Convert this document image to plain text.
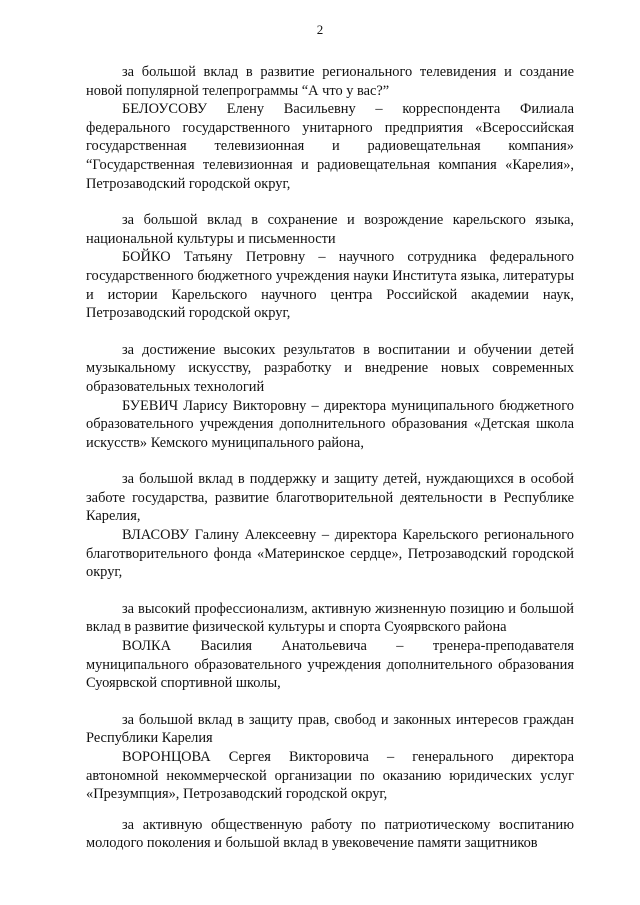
2

за большой вклад в развитие регионального телевидения и создание новой популярной телепрограммы “А что у вас?”

БЕЛОУСОВУ Елену Васильевну – корреспондента Филиала федерального государственного унитарного предприятия «Всероссийская государственная телевизионная и радиовещательная компания» “Государственная телевизионная и радиовещательная компания «Карелия», Петрозаводский городской округ,

за большой вклад в сохранение и возрождение карельского языка, национальной культуры и письменности

БОЙКО Татьяну Петровну – научного сотрудника федерального государственного бюджетного учреждения науки Института языка, литературы и истории Карельского научного центра Российской академии наук, Петрозаводский городской округ,

за достижение высоких результатов в воспитании и обучении детей музыкальному искусству, разработку и внедрение новых современных образовательных технологий

БУЕВИЧ Ларису Викторовну – директора муниципального бюджетного образовательного учреждения дополнительного образования «Детская школа искусств» Кемского муниципального района,

за большой вклад в поддержку и защиту детей, нуждающихся в особой заботе государства, развитие благотворительной деятельности в Республике Карелия,

ВЛАСОВУ Галину Алексеевну – директора Карельского регионального благотворительного фонда «Материнское сердце», Петрозаводский городской округ,

за высокий профессионализм, активную жизненную позицию и большой вклад в развитие физической культуры и спорта Суоярвского района

ВОЛКА Василия Анатольевича – тренера-преподавателя муниципального образовательного учреждения дополнительного образования Суоярвской спортивной школы,

за большой вклад в защиту прав, свобод и законных интересов граждан Республики Карелия

ВОРОНЦОВА Сергея Викторовича – генерального директора автономной некоммерческой организации по оказанию юридических услуг «Презумпция», Петрозаводский городской округ,

за активную общественную работу по патриотическому воспитанию молодого поколения и большой вклад в увековечение памяти защитников
